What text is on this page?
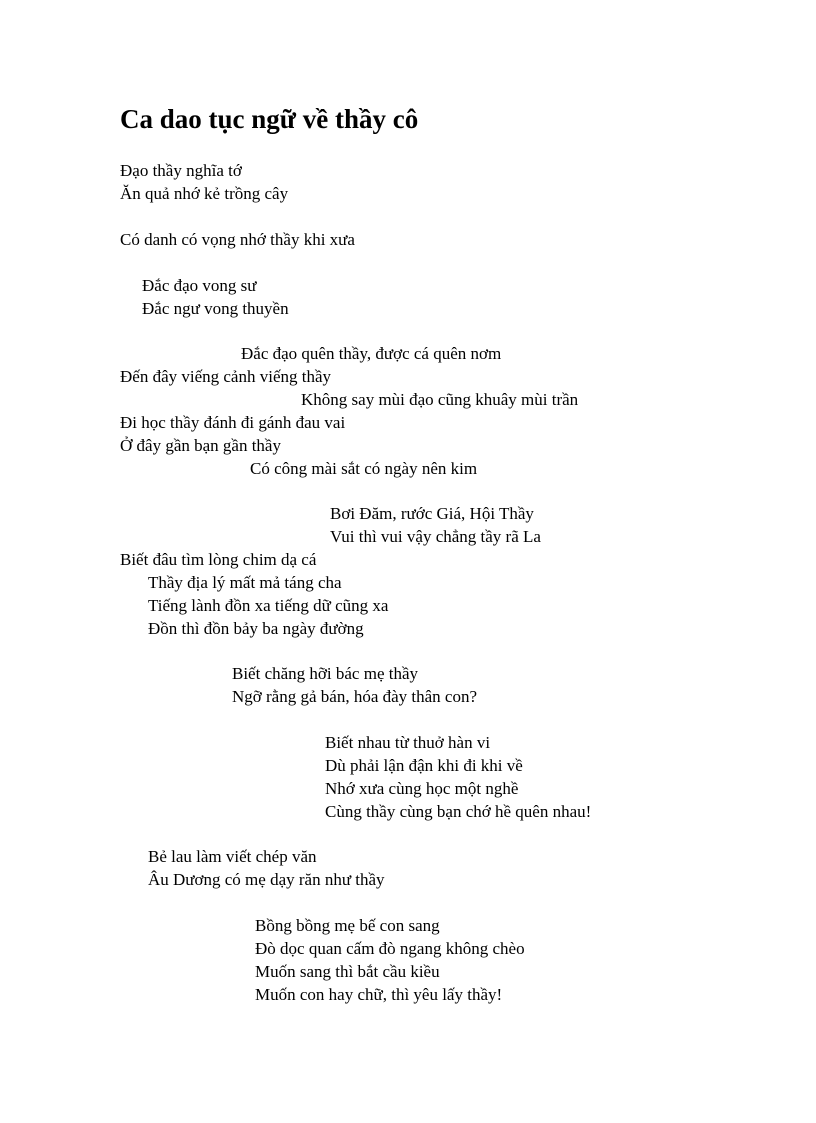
Ca dao tục ngữ về thầy cô

Đạo thầy nghĩa tớ

Ăn quả nhớ kẻ trồng cây

Có danh có vọng nhớ thầy khi xưa

Đắc đạo vong sư

Đắc ngư vong thuyền

Đắc đạo quên thầy, được cá quên nơm

Đến đây viếng cảnh viếng thầy

Không say mùi đạo cũng khuây mùi trần

Đi học thầy đánh đi gánh đau vai

Ở đây gần bạn gần thầy

Có công mài sắt có ngày nên kim

Bơi Đăm, rước Giá, Hội Thầy

Vui thì vui vậy chẳng tầy rã La

Biết đâu tìm lòng chim dạ cá

Thầy địa lý mất mả táng cha

Tiếng lành đồn xa tiếng dữ cũng xa

Đồn thì đồn bảy ba ngày đường

Biết chăng hỡi bác mẹ thầy

Ngỡ rằng gả bán, hóa đày thân con?

Biết nhau từ thuở hàn vi

Dù phải lận đận khi đi khi về

Nhớ xưa cùng học một nghề

Cùng thầy cùng bạn chớ hề quên nhau!

Bẻ lau làm viết chép văn

Âu Dương có mẹ dạy răn như thầy

Bồng bồng mẹ bế con sang

Đò dọc quan cấm đò ngang không chèo

Muốn sang thì bắt cầu kiều

Muốn con hay chữ, thì yêu lấy thầy!
